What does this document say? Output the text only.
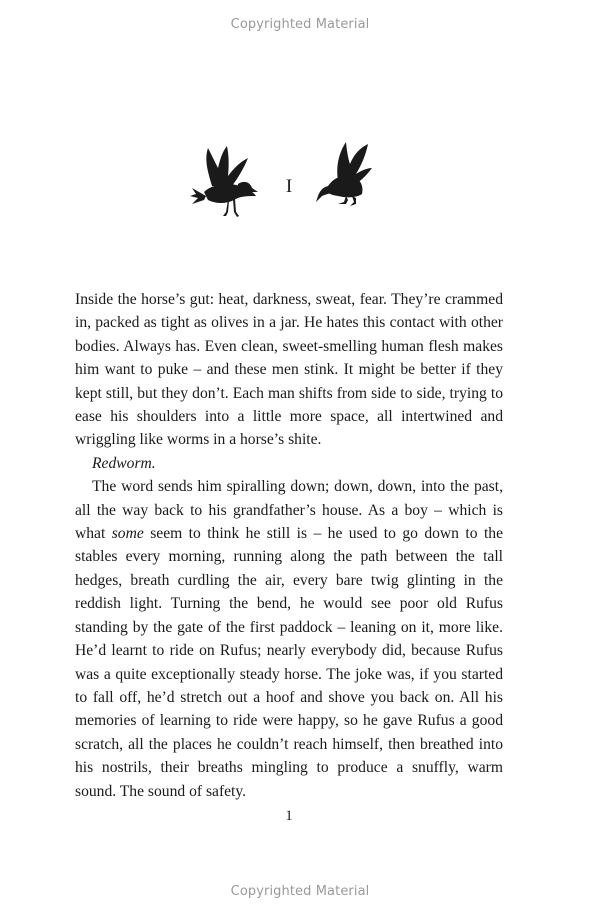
Copyrighted Material
I

Inside the horse’s gut: heat, darkness, sweat, fear. They’re crammed in, packed as tight as olives in a jar. He hates this contact with other bodies. Always has. Even clean, sweet-smelling human flesh makes him want to puke – and these men stink. It might be better if they kept still, but they don’t. Each man shifts from side to side, trying to ease his shoulders into a little more space, all intertwined and wriggling like worms in a horse’s shite.

Redworm.

The word sends him spiralling down; down, down, into the past, all the way back to his grandfather’s house. As a boy – which is what some seem to think he still is – he used to go down to the stables every morning, running along the path between the tall hedges, breath curdling the air, every bare twig glinting in the reddish light. Turning the bend, he would see poor old Rufus standing by the gate of the first paddock – leaning on it, more like. He’d learnt to ride on Rufus; nearly everybody did, because Rufus was a quite exceptionally steady horse. The joke was, if you started to fall off, he’d stretch out a hoof and shove you back on. All his memories of learning to ride were happy, so he gave Rufus a good scratch, all the places he couldn’t reach himself, then breathed into his nostrils, their breaths mingling to produce a snuffly, warm sound. The sound of safety.

1
Copyrighted Material
